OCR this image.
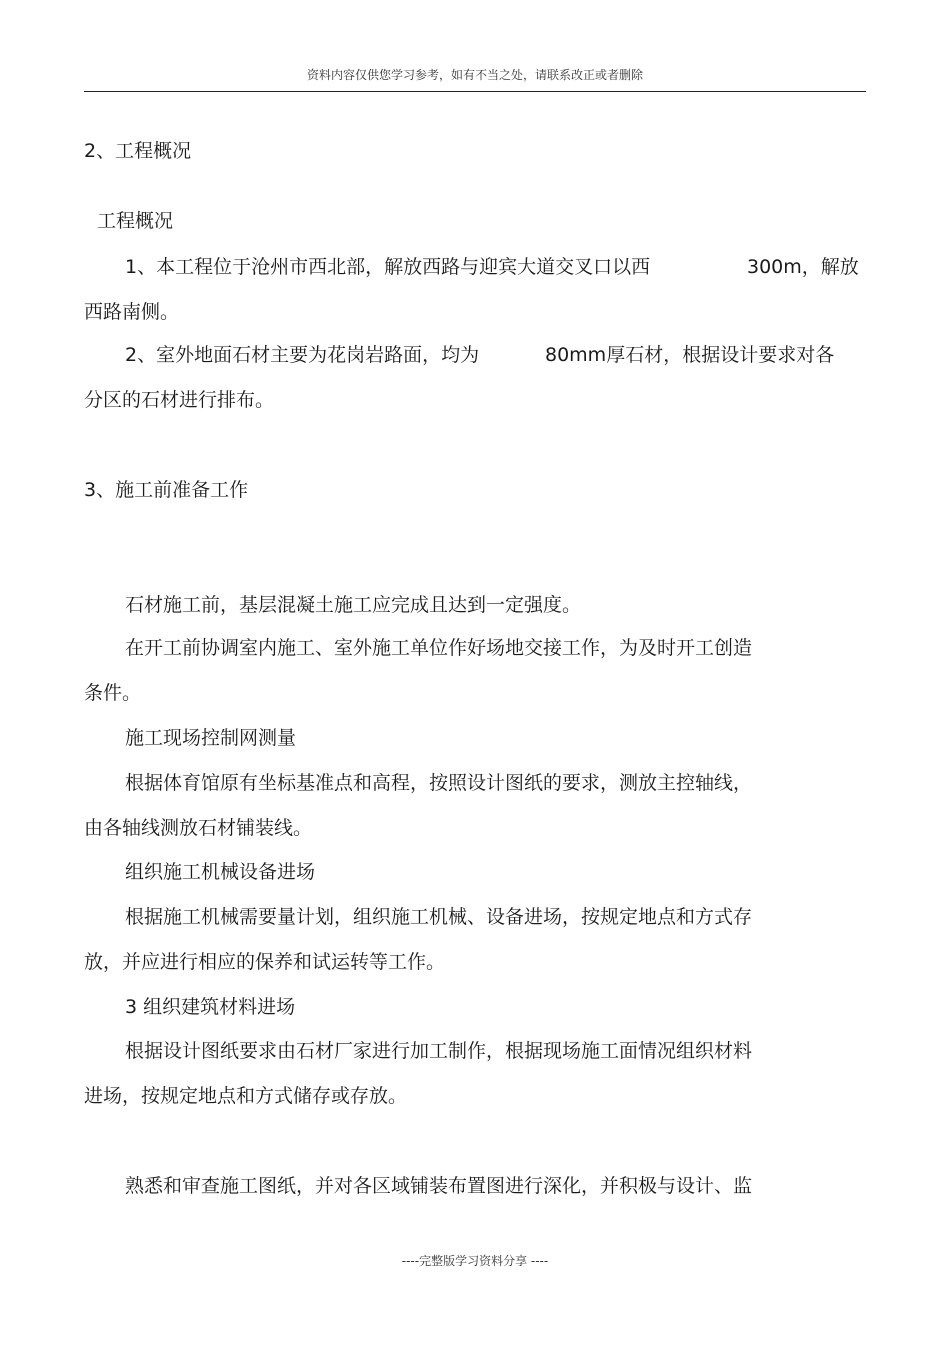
资料内容仅供您学习参考，如有不当之处，请联系改正或者删除
2、工程概况
工程概况
1、本工程位于沧州市西北部，解放西路与迎宾大道交叉口以西	300m，解放
西路南侧。
2、室外地面石材主要为花岗岩路面，均为	80mm厚石材，根据设计要求对各
分区的石材进行排布。
3、施工前准备工作
石材施工前，基层混凝土施工应完成且达到一定强度。
在开工前协调室内施工、室外施工单位作好场地交接工作，为及时开工创造
条件。
施工现场控制网测量
根据体育馆原有坐标基准点和高程，按照设计图纸的要求，测放主控轴线，
由各轴线测放石材铺装线。
组织施工机械设备进场
根据施工机械需要量计划，组织施工机械、设备进场，按规定地点和方式存
放，并应进行相应的保养和试运转等工作。
3 组织建筑材料进场
根据设计图纸要求由石材厂家进行加工制作，根据现场施工面情况组织材料
进场，按规定地点和方式储存或存放。
熟悉和审查施工图纸，并对各区域铺装布置图进行深化，并积极与设计、监
----完整版学习资料分享 ----
